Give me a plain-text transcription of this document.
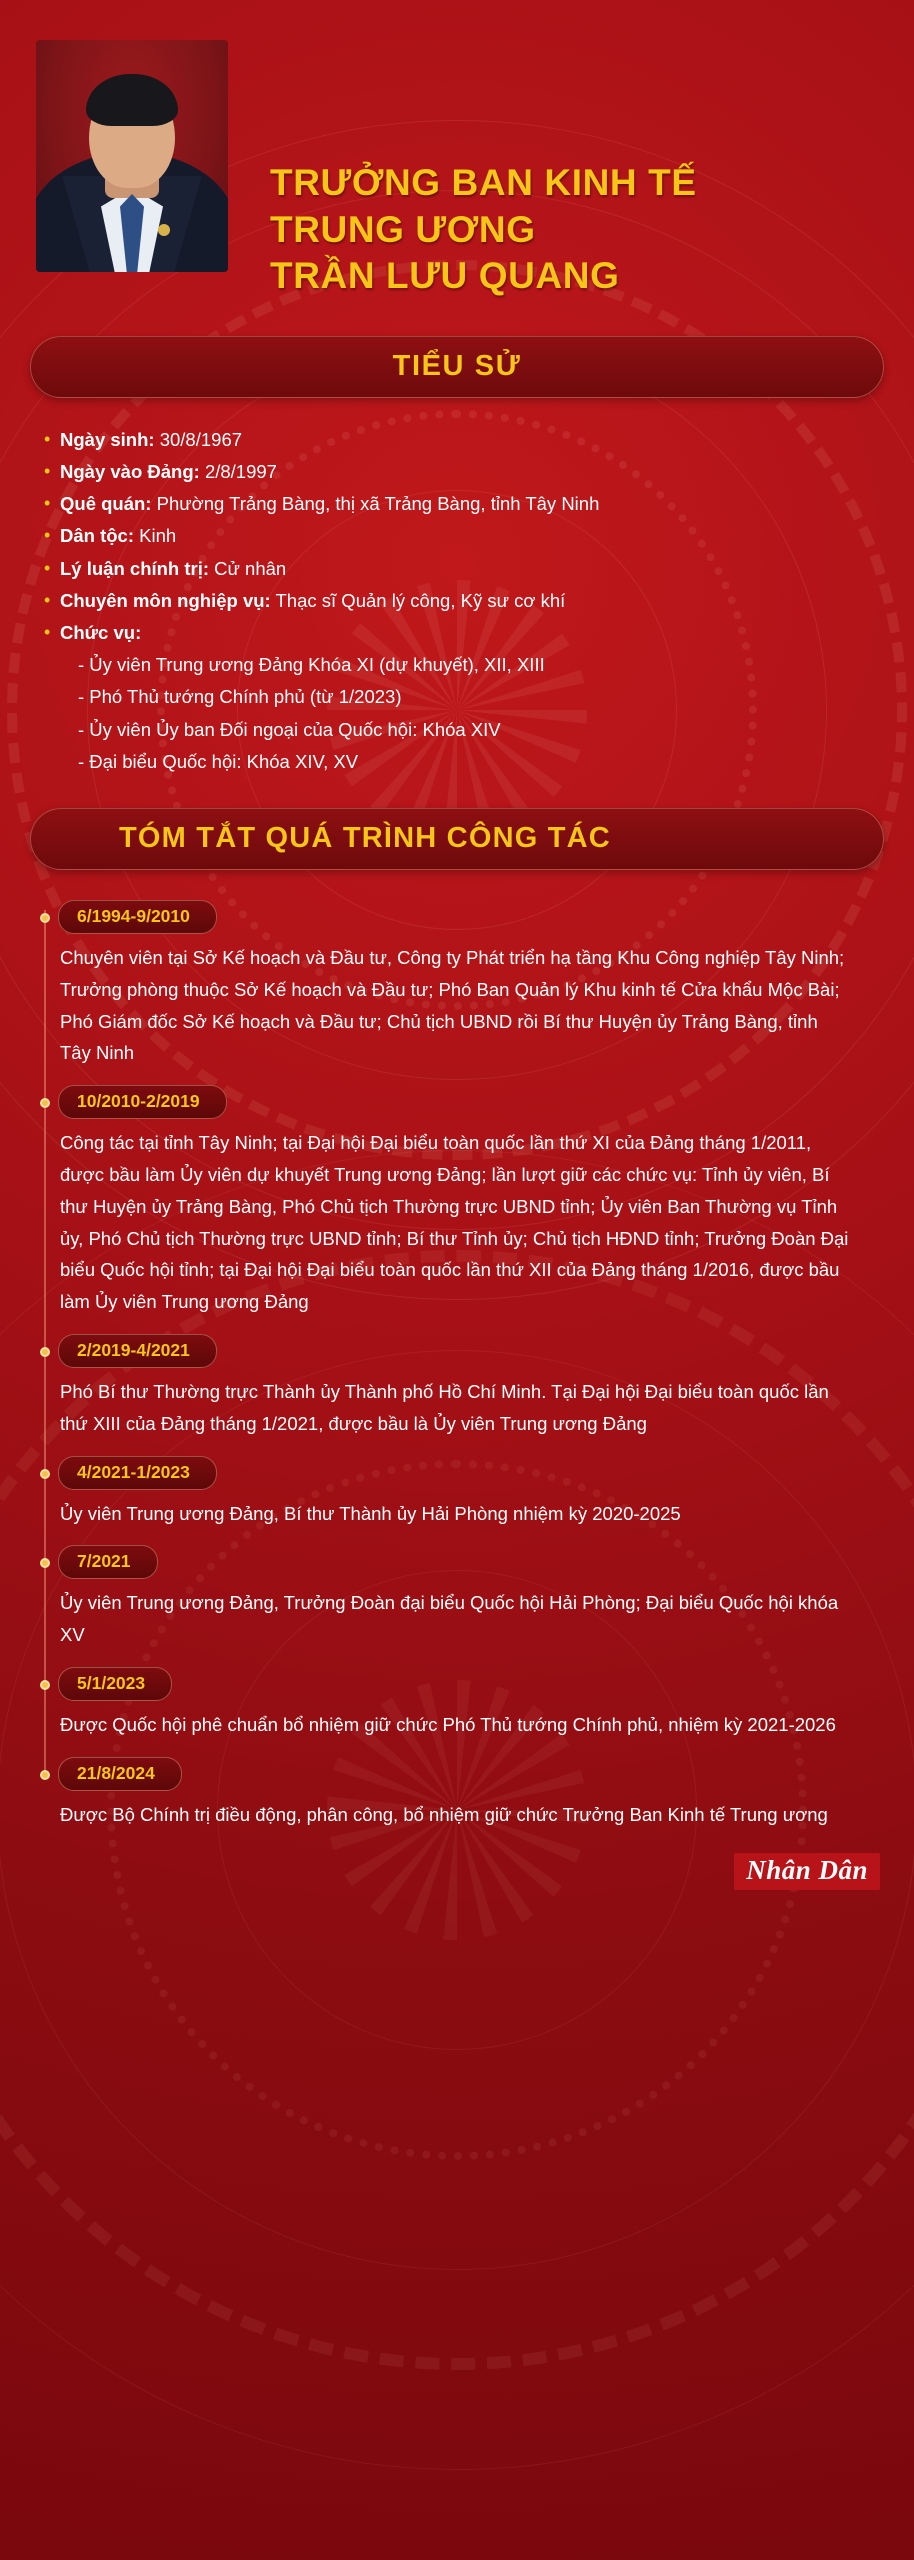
TRƯỞNG BAN KINH TẾ
TRUNG ƯƠNG
TRẦN LƯU QUANG
TIỂU SỬ
• Ngày sinh: 30/8/1967
• Ngày vào Đảng: 2/8/1997
• Quê quán: Phường Trảng Bàng, thị xã Trảng Bàng, tỉnh Tây Ninh
• Dân tộc: Kinh
• Lý luận chính trị: Cử nhân
• Chuyên môn nghiệp vụ: Thạc sĩ Quản lý công, Kỹ sư cơ khí
• Chức vụ:
- Ủy viên Trung ương Đảng Khóa XI (dự khuyết), XII, XIII
- Phó Thủ tướng Chính phủ (từ 1/2023)
- Ủy viên Ủy ban Đối ngoại của Quốc hội: Khóa XIV
- Đại biểu Quốc hội: Khóa XIV, XV
TÓM TẮT QUÁ TRÌNH CÔNG TÁC
6/1994-9/2010
Chuyên viên tại Sở Kế hoạch và Đầu tư, Công ty Phát triển hạ tầng Khu Công nghiệp Tây Ninh; Trưởng phòng thuộc Sở Kế hoạch và Đầu tư; Phó Ban Quản lý Khu kinh tế Cửa khẩu Mộc Bài; Phó Giám đốc Sở Kế hoạch và Đầu tư; Chủ tịch UBND rồi Bí thư Huyện ủy Trảng Bàng, tỉnh Tây Ninh
10/2010-2/2019
Công tác tại tỉnh Tây Ninh; tại Đại hội Đại biểu toàn quốc lần thứ XI của Đảng tháng 1/2011, được bầu làm Ủy viên dự khuyết Trung ương Đảng; lần lượt giữ các chức vụ: Tỉnh ủy viên, Bí thư Huyện ủy Trảng Bàng, Phó Chủ tịch Thường trực UBND tỉnh; Ủy viên Ban Thường vụ Tỉnh ủy, Phó Chủ tịch Thường trực UBND tỉnh; Bí thư Tỉnh ủy; Chủ tịch HĐND tỉnh; Trưởng Đoàn Đại biểu Quốc hội tỉnh; tại Đại hội Đại biểu toàn quốc lần thứ XII của Đảng tháng 1/2016, được bầu làm Ủy viên Trung ương Đảng
2/2019-4/2021
Phó Bí thư Thường trực Thành ủy Thành phố Hồ Chí Minh. Tại Đại hội Đại biểu toàn quốc lần thứ XIII của Đảng tháng 1/2021, được bầu là Ủy viên Trung ương Đảng
4/2021-1/2023
Ủy viên Trung ương Đảng, Bí thư Thành ủy Hải Phòng nhiệm kỳ 2020-2025
7/2021
Ủy viên Trung ương Đảng, Trưởng Đoàn đại biểu Quốc hội Hải Phòng; Đại biểu Quốc hội khóa XV
5/1/2023
Được Quốc hội phê chuẩn bổ nhiệm giữ chức Phó Thủ tướng Chính phủ, nhiệm kỳ 2021-2026
21/8/2024
Được Bộ Chính trị điều động, phân công, bổ nhiệm giữ chức Trưởng Ban Kinh tế Trung ương
Nhân Dân
